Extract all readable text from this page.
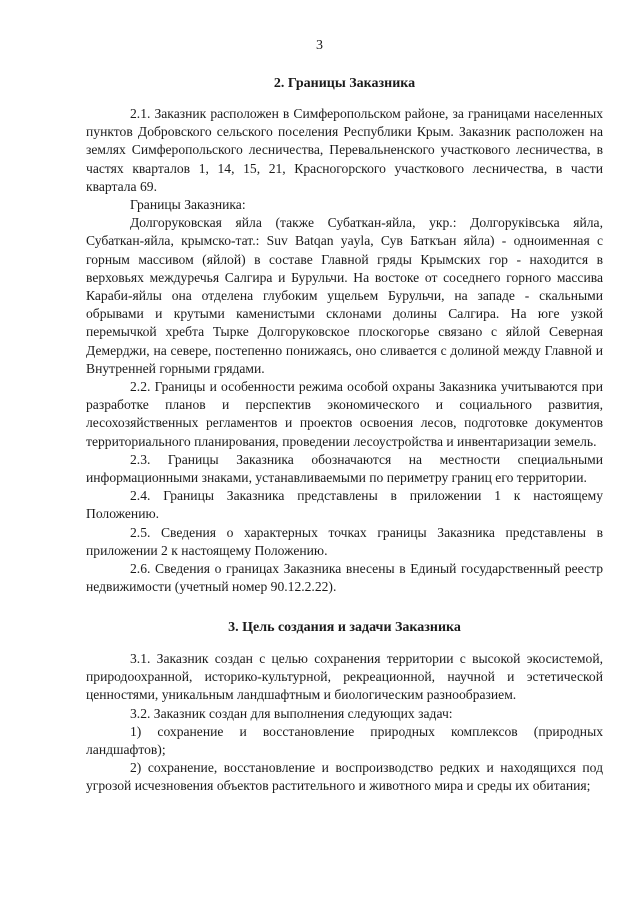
3
2. Границы Заказника

2.1. Заказник расположен в Симферопольском районе, за границами населенных пунктов Добровского сельского поселения Республики Крым. Заказник расположен на землях Симферопольского лесничества, Перевальненского участкового лесничества, в частях кварталов 1, 14, 15, 21, Красногорского участкового лесничества, в части квартала 69.

Границы Заказника:

Долгоруковская яйла (также Субаткан-яйла, укр.: Долгоруківська яйла, Субаткан-яйла, крымско-тат.: Suv Batqan yayla, Сув Баткъан яйла) - одноименная с горным массивом (яйлой) в составе Главной гряды Крымских гор - находится в верховьях междуречья Салгира и Бурульчи. На востоке от соседнего горного массива Караби-яйлы она отделена глубоким ущельем Бурульчи, на западе - скальными обрывами и крутыми каменистыми склонами долины Салгира. На юге узкой перемычкой хребта Тырке Долгоруковское плоскогорье связано с яйлой Северная Демерджи, на севере, постепенно понижаясь, оно сливается с долиной между Главной и Внутренней горными грядами.

2.2. Границы и особенности режима особой охраны Заказника учитываются при разработке планов и перспектив экономического и социального развития, лесохозяйственных регламентов и проектов освоения лесов, подготовке документов территориального планирования, проведении лесоустройства и инвентаризации земель.

2.3. Границы Заказника обозначаются на местности специальными информационными знаками, устанавливаемыми по периметру границ его территории.

2.4. Границы Заказника представлены в приложении 1 к настоящему Положению.

2.5. Сведения о характерных точках границы Заказника представлены в приложении 2 к настоящему Положению.

2.6. Сведения о границах Заказника внесены в Единый государственный реестр недвижимости (учетный номер 90.12.2.22).

3. Цель создания и задачи Заказника

3.1. Заказник создан с целью сохранения территории с высокой экосистемой, природоохранной, историко-культурной, рекреационной, научной и эстетической ценностями, уникальным ландшафтным и биологическим разнообразием.

3.2. Заказник создан для выполнения следующих задач:

1) сохранение и восстановление природных комплексов (природных ландшафтов);

2) сохранение, восстановление и воспроизводство редких и находящихся под угрозой исчезновения объектов растительного и животного мира и среды их обитания;
